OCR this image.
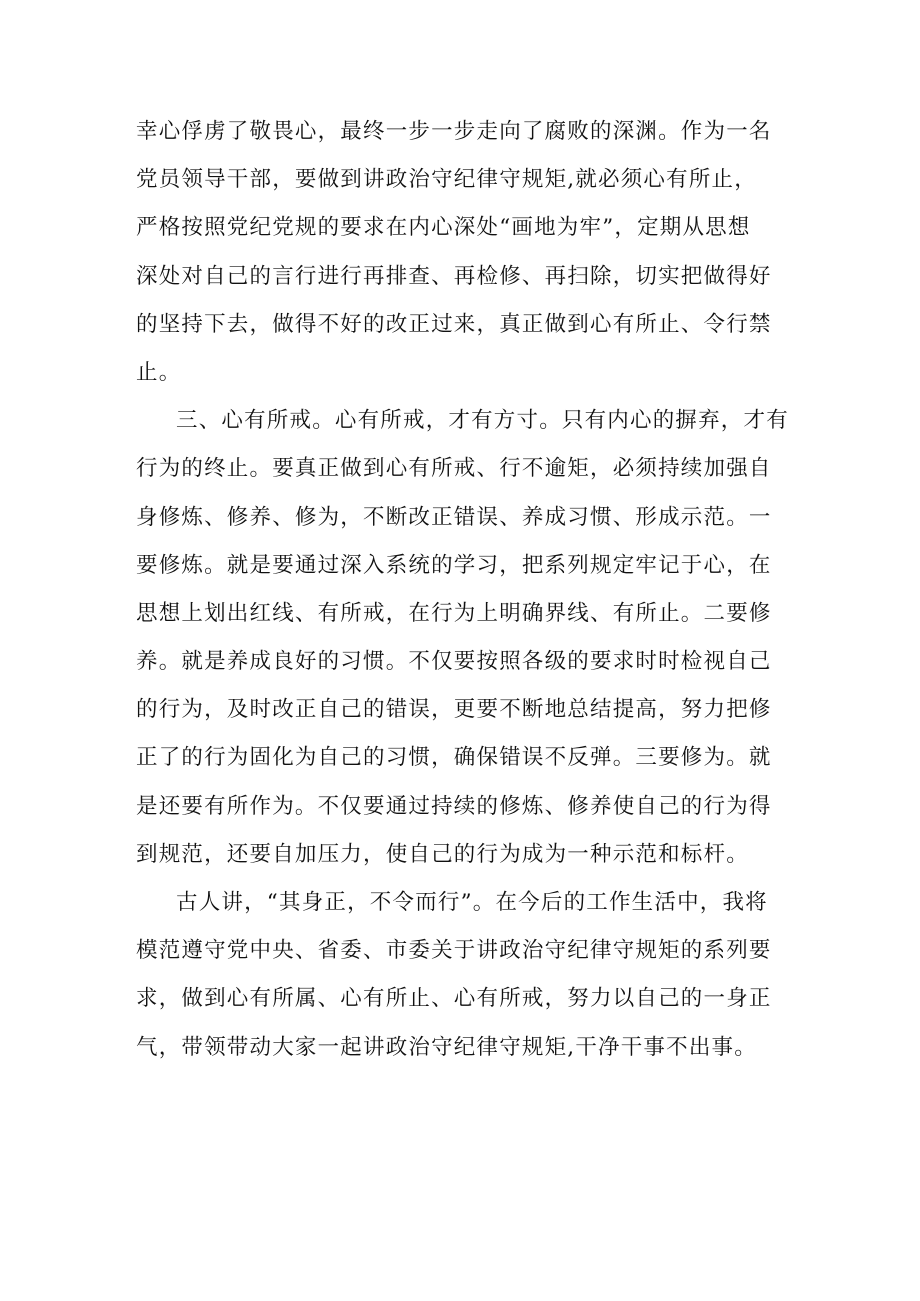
幸心俘虏了敬畏心，最终一步一步走向了腐败的深渊。作为一名
党员领导干部，要做到讲政治守纪律守规矩,就必须心有所止，
严格按照党纪党规的要求在内心深处“画地为牢”，定期从思想
深处对自己的言行进行再排查、再检修、再扫除，切实把做得好
的坚持下去，做得不好的改正过来，真正做到心有所止、令行禁
止。
三、心有所戒。心有所戒，才有方寸。只有内心的摒弃，才有
行为的终止。要真正做到心有所戒、行不逾矩，必须持续加强自
身修炼、修养、修为，不断改正错误、养成习惯、形成示范。一
要修炼。就是要通过深入系统的学习，把系列规定牢记于心，在
思想上划出红线、有所戒，在行为上明确界线、有所止。二要修
养。就是养成良好的习惯。不仅要按照各级的要求时时检视自己
的行为，及时改正自己的错误，更要不断地总结提高，努力把修
正了的行为固化为自己的习惯，确保错误不反弹。三要修为。就
是还要有所作为。不仅要通过持续的修炼、修养使自己的行为得
到规范，还要自加压力，使自己的行为成为一种示范和标杆。
古人讲，“其身正，不令而行”。在今后的工作生活中，我将
模范遵守党中央、省委、市委关于讲政治守纪律守规矩的系列要
求，做到心有所属、心有所止、心有所戒，努力以自己的一身正
气，带领带动大家一起讲政治守纪律守规矩,干净干事不出事。
